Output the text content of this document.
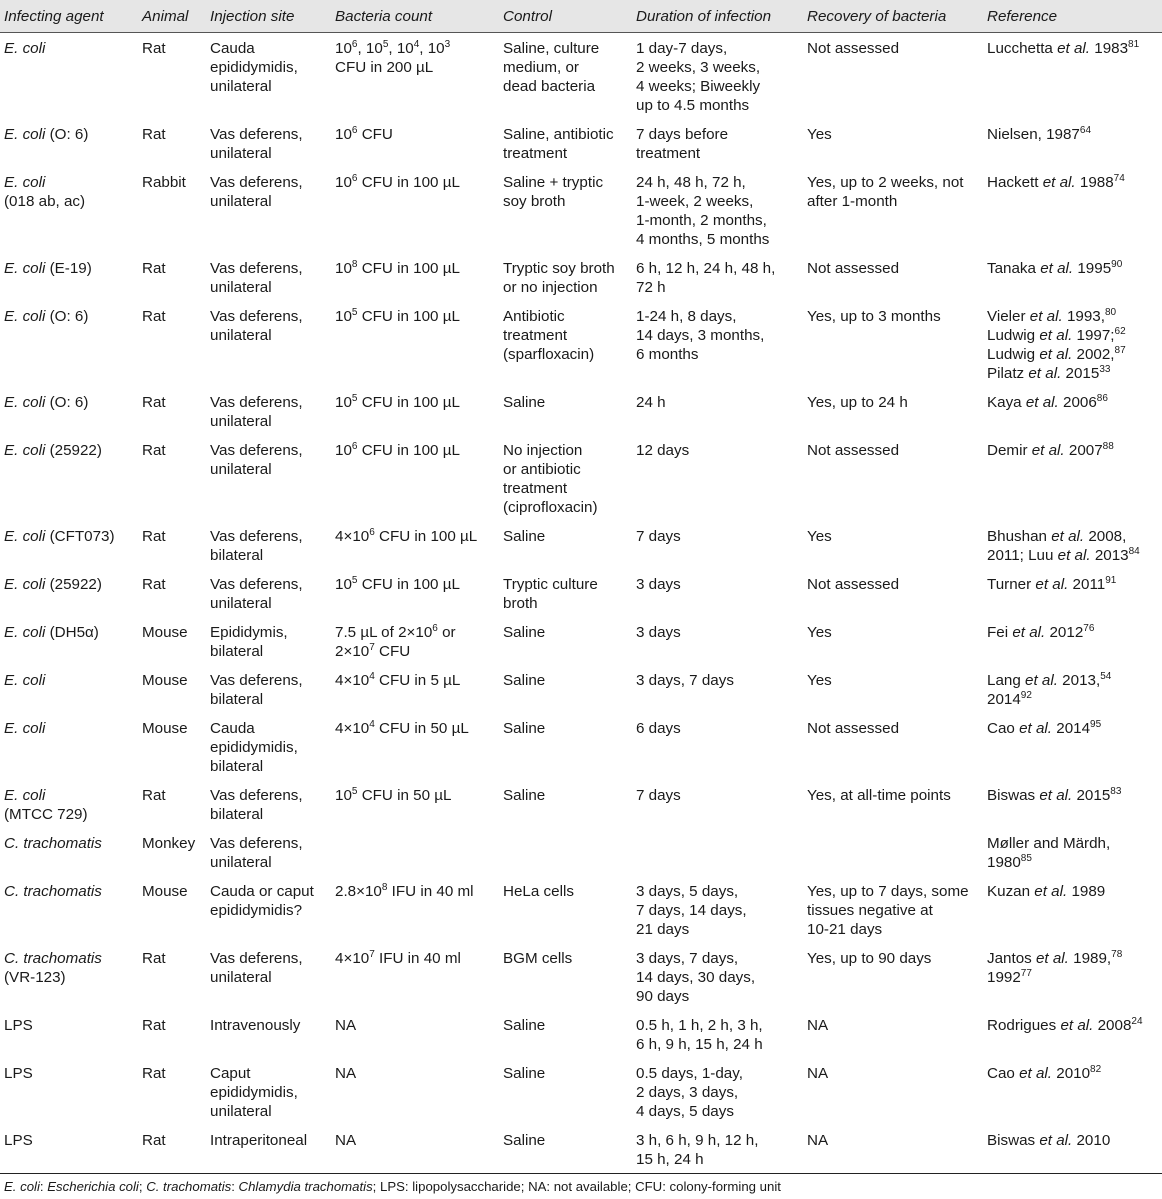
Infecting agent	Animal	Injection site	Bacteria count	Control	Duration of infection	Recovery of bacteria	Reference
E. coli	Rat	Cauda
epididymidis,
unilateral	$10^6$, $10^5$, $10^4$, $10^3$
CFU in 200 µL	Saline, culture
medium, or
dead bacteria	1 day-7 days,
2 weeks, 3 weeks,
4 weeks; Biweekly
up to 4.5 months	Not assessed	Lucchetta et al. 1983$^{81}$
E. coli (O: 6)	Rat	Vas deferens,
unilateral	$10^6$ CFU	Saline, antibiotic
treatment	7 days before
treatment	Yes	Nielsen, 1987$^{64}$
E. coli
(018 ab, ac)	Rabbit	Vas deferens,
unilateral	$10^6$ CFU in 100 µL	Saline + tryptic
soy broth	24 h, 48 h, 72 h,
1-week, 2 weeks,
1-month, 2 months,
4 months, 5 months	Yes, up to 2 weeks, not
after 1-month	Hackett et al. 1988$^{74}$
E. coli (E-19)	Rat	Vas deferens,
unilateral	$10^8$ CFU in 100 µL	Tryptic soy broth
or no injection	6 h, 12 h, 24 h, 48 h,
72 h	Not assessed	Tanaka et al. 1995$^{90}$
E. coli (O: 6)	Rat	Vas deferens,
unilateral	$10^5$ CFU in 100 µL	Antibiotic
treatment
(sparfloxacin)	1-24 h, 8 days,
14 days, 3 months,
6 months	Yes, up to 3 months	Vieler et al. 1993,80
Ludwig et al. 1997;$^{62}$
Ludwig et al. 2002,87
Pilatz et al. 2015$^{33}$
E. coli (O: 6)	Rat	Vas deferens,
unilateral	$10^5$ CFU in 100 µL	Saline	24 h	Yes, up to 24 h	Kaya et al. 2006$^{86}$
E. coli (25922)	Rat	Vas deferens,
unilateral	$10^6$ CFU in 100 µL	No injection
or antibiotic
treatment
(ciprofloxacin)	12 days	Not assessed	Demir et al. 2007$^{88}$
E. coli (CFT073)	Rat	Vas deferens,
bilateral	$4\times 10^6$ CFU in 100 µL	Saline	7 days	Yes	Bhushan et al. 2008,
2011; Luu et al. 2013$^{84}$
E. coli (25922)	Rat	Vas deferens,
unilateral	$10^5$ CFU in 100 µL	Tryptic culture
broth	3 days	Not assessed	Turner et al. 2011$^{91}$
E. coli (DH5α)	Mouse	Epididymis,
bilateral	7.5 µL of $2\times 10^6$ or
$2\times 10^7$ CFU	Saline	3 days	Yes	Fei et al. 2012$^{76}$
E. coli	Mouse	Vas deferens,
bilateral	$4\times 10^4$ CFU in 5 µL	Saline	3 days, 7 days	Yes	Lang et al. 2013,54
2014$^{92}$
E. coli	Mouse	Cauda
epididymidis,
bilateral	$4\times 10^4$ CFU in 50 µL	Saline	6 days	Not assessed	Cao et al. 2014$^{95}$
E. coli
(MTCC 729)	Rat	Vas deferens,
bilateral	$10^5$ CFU in 50 µL	Saline	7 days	Yes, at all-time points	Biswas et al. 2015$^{83}$
C. trachomatis	Monkey	Vas deferens,
unilateral					Møller and Märdh,
1980$^{85}$
C. trachomatis	Mouse	Cauda or caput
epididymidis?	$2.8\times 10^8$ IFU in 40 ml	HeLa cells	3 days, 5 days,
7 days, 14 days,
21 days	Yes, up to 7 days, some
tissues negative at
10-21 days	Kuzan et al. 1989
C. trachomatis
(VR-123)	Rat	Vas deferens,
unilateral	$4\times 10^7$ IFU in 40 ml	BGM cells	3 days, 7 days,
14 days, 30 days,
90 days	Yes, up to 90 days	Jantos et al. 1989,78
1992$^{77}$
LPS	Rat	Intravenously	NA	Saline	0.5 h, 1 h, 2 h, 3 h,
6 h, 9 h, 15 h, 24 h	NA	Rodrigues et al. 2008$^{24}$
LPS	Rat	Caput
epididymidis,
unilateral	NA	Saline	0.5 days, 1-day,
2 days, 3 days,
4 days, 5 days	NA	Cao et al. 2010$^{82}$
LPS	Rat	Intraperitoneal	NA	Saline	3 h, 6 h, 9 h, 12 h,
15 h, 24 h	NA	Biswas et al. 2010
E. coli: Escherichia coli; C. trachomatis: Chlamydia trachomatis; LPS: lipopolysaccharide; NA: not available; CFU: colony-forming unit
